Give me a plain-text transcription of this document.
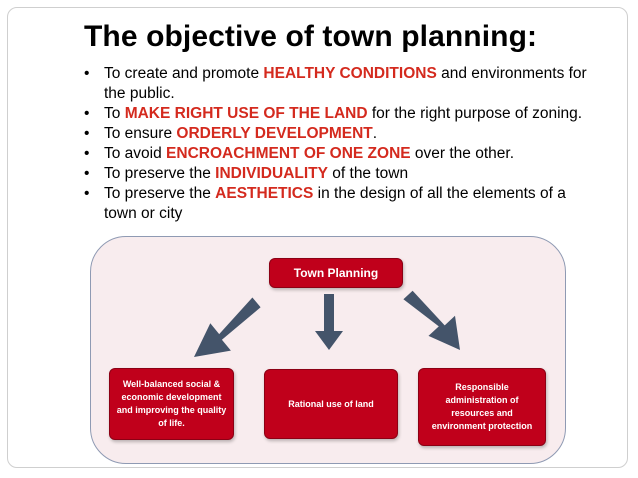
The objective of town planning:
• To create and promote HEALTHY CONDITIONS and environments for the public.
• To MAKE RIGHT USE OF THE LAND for the right purpose of zoning.
• To ensure ORDERLY DEVELOPMENT.
• To avoid ENCROACHMENT OF ONE ZONE over the other.
• To preserve the INDIVIDUALITY of the town
• To preserve the AESTHETICS in the design of all the elements of a town or city
Town Planning
Well-balanced social & economic development and improving the quality of life.
Rational use of land
Responsible administration of resources and environment protection
